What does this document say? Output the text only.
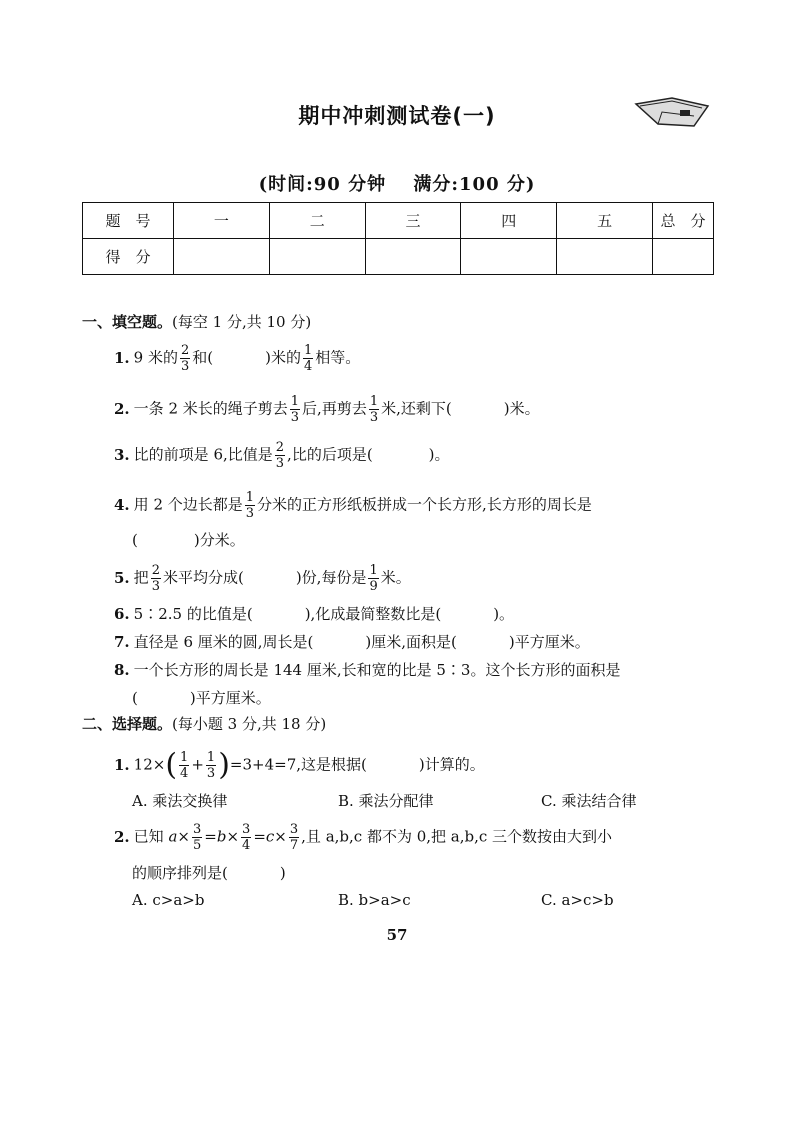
期中冲刺测试卷(一)
(时间:90 分钟 满分:100 分)
题　号	一	二	三	四	五	总　分
得　分						
一、填空题。(每空 1 分,共 10 分)
1. 9 米的 $\frac{2}{3}$ 和(	)米的 $\frac{1}{4}$ 相等。
2. 一条 2 米长的绳子剪去 $\frac{1}{3}$ 后,再剪去 $\frac{1}{3}$ 米,还剩下(	)米。
3. 比的前项是 6,比值是 $\frac{2}{3}$ ,比的后项是(	)。
4. 用 2 个边长都是 $\frac{1}{3}$ 分米的正方形纸板拼成一个长方形,长方形的周长是
(	)分米。
5. 把 $\frac{2}{3}$ 米平均分成(	)份,每份是 $\frac{1}{9}$ 米。
6. 5∶2.5 的比值是(	),化成最简整数比是(	)。
7. 直径是 6 厘米的圆,周长是(	)厘米,面积是(	)平方厘米。
8. 一个长方形的周长是 144 厘米,长和宽的比是 5∶3。这个长方形的面积是
(	)平方厘米。
二、选择题。(每小题 3 分,共 18 分)
1. $12\times( \frac{1}{4} + \frac{1}{3} )=3+4=7$,这是根据(	)计算的。
A. 乘法交换律	B. 乘法分配律	C. 乘法结合律
2. 已知 $a\times \frac{3}{5} =b\times \frac{3}{4} =c\times \frac{3}{7}$ ,且 a,b,c 都不为 0,把 a,b,c 三个数按由大到小
的顺序排列是(	)
A. c>a>b	B. b>a>c	C. a>c>b
57
